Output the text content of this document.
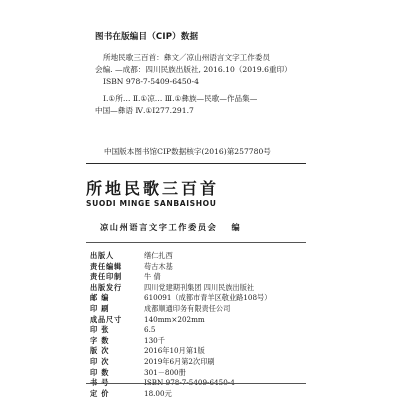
图书在版编目（CIP）数据
所地民歌三百首：彝文／凉山州语言文字工作委员
会编. —成都：四川民族出版社, 2016.10（2019.6重印）
ISBN 978-7-5409-6450-4
Ⅰ.①所… Ⅱ.①凉… Ⅲ.①彝族—民歌—作品集—
中国—彝语 Ⅳ.①I277.291.7
中国版本图书馆CIP数据核字(2016)第257780号
所地民歌三百首
SUODI MINGE SANBAISHOU
凉山州语言文字工作委员会 编
出版人	缮仁扎西
责任编辑	苟古木基
责任印制	牛 倩
出版发行	四川党建期刊集团 四川民族出版社
邮 编	610091（成都市青羊区敬业路108号）
印 刷	成都顺通印务有限责任公司
成品尺寸	140mm×202mm
印 张	6.5
字 数	130千
版 次	2016年10月第1版
印 次	2019年6月第2次印刷
印 数	301－800册
书 号	ISBN 978-7-5409-6450-4
定 价	18.00元
